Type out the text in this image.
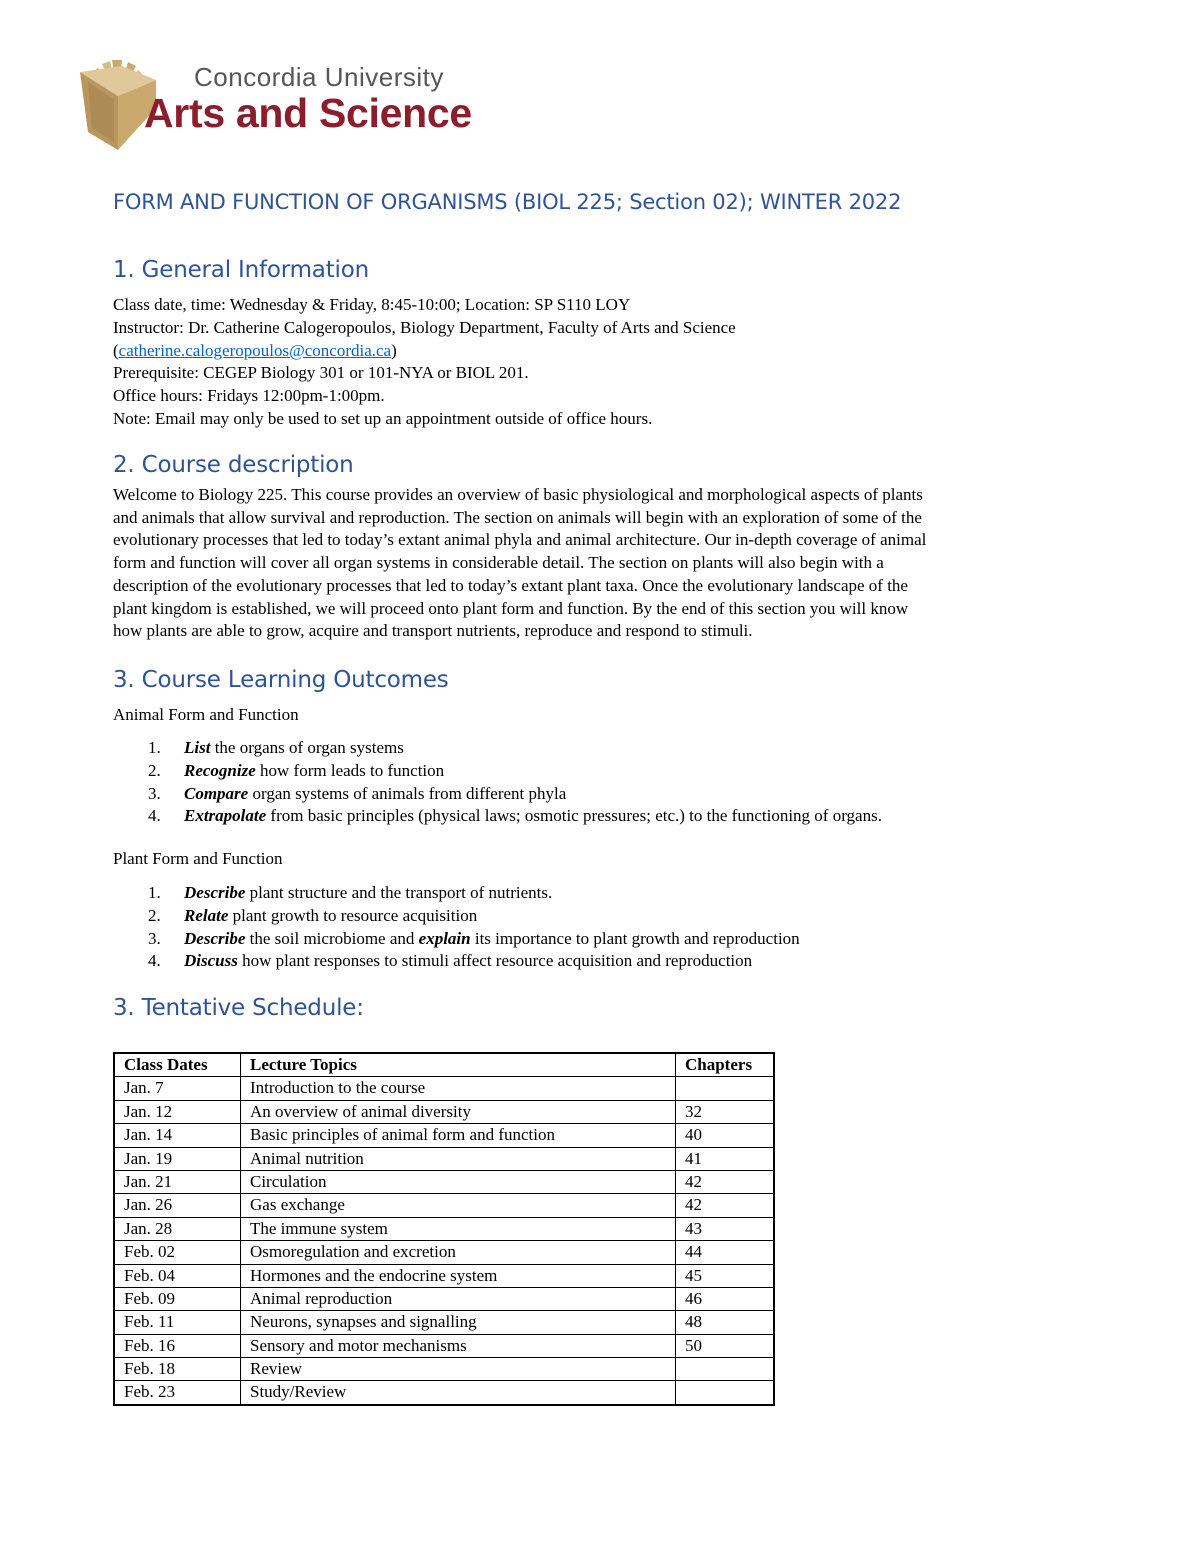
Concordia University
Arts and Science
FORM AND FUNCTION OF ORGANISMS (BIOL 225; Section 02); WINTER 2022
1. General Information
Class date, time: Wednesday & Friday, 8:45-10:00; Location: SP S110 LOY
Instructor: Dr. Catherine Calogeropoulos, Biology Department, Faculty of Arts and Science
(catherine.calogeropoulos@concordia.ca)
Prerequisite: CEGEP Biology 301 or 101-NYA or BIOL 201.
Office hours: Fridays 12:00pm-1:00pm.
Note: Email may only be used to set up an appointment outside of office hours.
2. Course description
Welcome to Biology 225. This course provides an overview of basic physiological and morphological aspects of plants
and animals that allow survival and reproduction. The section on animals will begin with an exploration of some of the
evolutionary processes that led to today’s extant animal phyla and animal architecture. Our in-depth coverage of animal
form and function will cover all organ systems in considerable detail. The section on plants will also begin with a
description of the evolutionary processes that led to today’s extant plant taxa. Once the evolutionary landscape of the
plant kingdom is established, we will proceed onto plant form and function. By the end of this section you will know
how plants are able to grow, acquire and transport nutrients, reproduce and respond to stimuli.
3. Course Learning Outcomes
Animal Form and Function
1. List the organs of organ systems
2. Recognize how form leads to function
3. Compare organ systems of animals from different phyla
4. Extrapolate from basic principles (physical laws; osmotic pressures; etc.) to the functioning of organs.
Plant Form and Function
1. Describe plant structure and the transport of nutrients.
2. Relate plant growth to resource acquisition
3. Describe the soil microbiome and explain its importance to plant growth and reproduction
4. Discuss how plant responses to stimuli affect resource acquisition and reproduction
3. Tentative Schedule:
Class Dates	Lecture Topics	Chapters
Jan. 7	Introduction to the course	
Jan. 12	An overview of animal diversity	32
Jan. 14	Basic principles of animal form and function	40
Jan. 19	Animal nutrition	41
Jan. 21	Circulation	42
Jan. 26	Gas exchange	42
Jan. 28	The immune system	43
Feb. 02	Osmoregulation and excretion	44
Feb. 04	Hormones and the endocrine system	45
Feb. 09	Animal reproduction	46
Feb. 11	Neurons, synapses and signalling	48
Feb. 16	Sensory and motor mechanisms	50
Feb. 18	Review	
Feb. 23	Study/Review	
